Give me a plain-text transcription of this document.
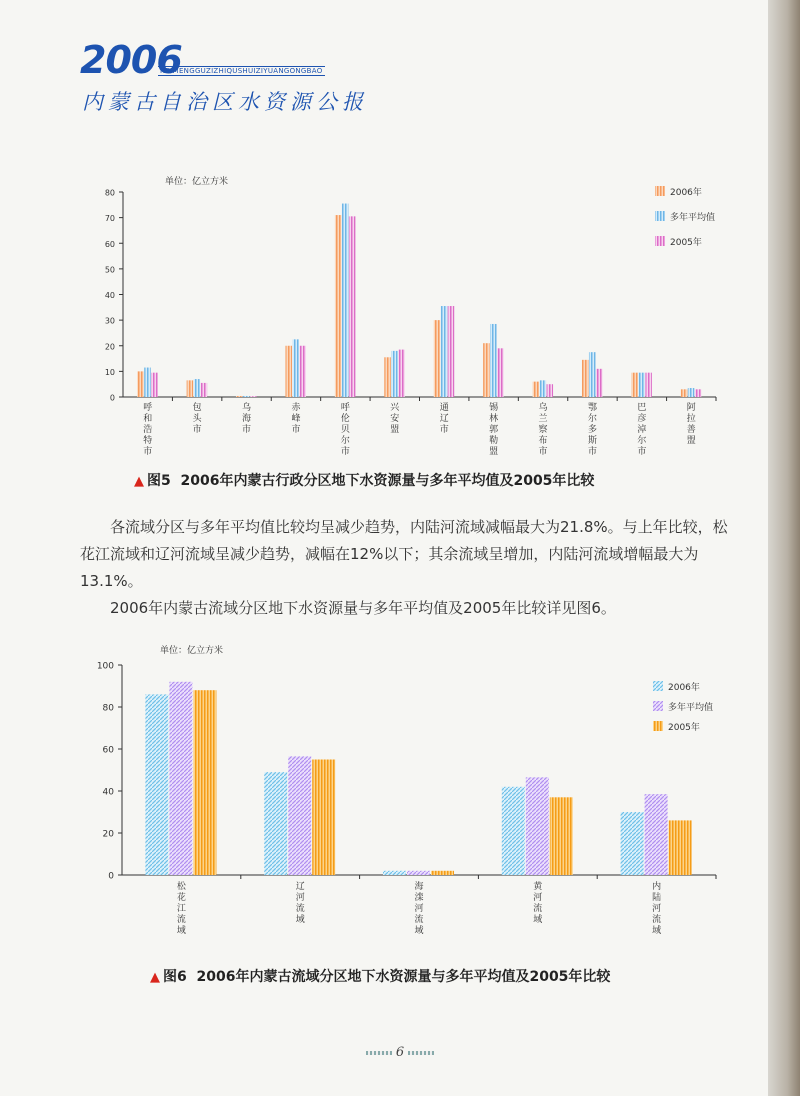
2006
NEIMENGGUZIZHIQUSHUIZIYUANGONGBAO
内蒙古自治区水资源公报
0
10
20
30
40
50
60
70
80
单位：亿立方米
呼
和
浩
特
市
包
头
市
乌
海
市
赤
峰
市
呼
伦
贝
尔
市
兴
安
盟
通
辽
市
锡
林
郭
勒
盟
乌
兰
察
布
市
鄂
尔
多
斯
市
巴
彦
淖
尔
市
阿
拉
善
盟
2006年
多年平均值
2005年
▲ 图5 2006年内蒙古行政分区地下水资源量与多年平均值及2005年比较

各流域分区与多年平均值比较均呈减少趋势，内陆河流域减幅最大为21.8%。与上年比较，松花江流域和辽河流域呈减少趋势，减幅在12%以下；其余流域呈增加，内陆河流域增幅最大为13.1%。

2006年内蒙古流域分区地下水资源量与多年平均值及2005年比较详见图6。

0
20
40
60
80
100
单位：亿立方米
松
花
江
流
域
辽
河
流
域
海
滦
河
流
域
黄
河
流
域
内
陆
河
流
域
2006年
多年平均值
2005年
▲ 图6 2006年内蒙古流域分区地下水资源量与多年平均值及2005年比较
6
